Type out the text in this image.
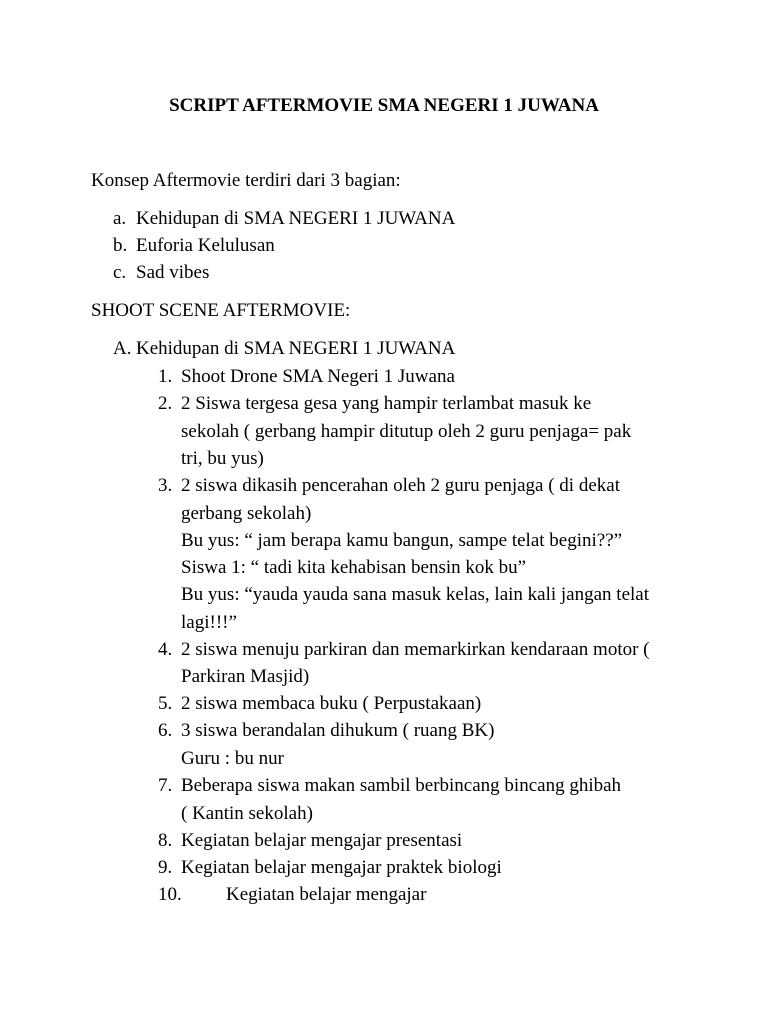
SCRIPT AFTERMOVIE SMA NEGERI 1 JUWANA
Konsep Aftermovie terdiri dari 3 bagian:
a. Kehidupan di SMA NEGERI 1 JUWANA
b. Euforia Kelulusan
c. Sad vibes
SHOOT SCENE AFTERMOVIE:
A. Kehidupan di SMA NEGERI 1 JUWANA
1. Shoot Drone SMA Negeri 1 Juwana
2. 2 Siswa tergesa gesa yang hampir terlambat masuk ke
sekolah ( gerbang hampir ditutup oleh 2 guru penjaga= pak
tri, bu yus)
3. 2 siswa dikasih pencerahan oleh 2 guru penjaga ( di dekat
gerbang sekolah)
Bu yus: “ jam berapa kamu bangun, sampe telat begini??”
Siswa 1: “ tadi kita kehabisan bensin kok bu”
Bu yus: “yauda yauda sana masuk kelas, lain kali jangan telat
lagi!!!”
4. 2 siswa menuju parkiran dan memarkirkan kendaraan motor (
Parkiran Masjid)
5. 2 siswa membaca buku ( Perpustakaan)
6. 3 siswa berandalan dihukum ( ruang BK)
Guru : bu nur
7. Beberapa siswa makan sambil berbincang bincang ghibah
( Kantin sekolah)
8. Kegiatan belajar mengajar presentasi
9. Kegiatan belajar mengajar praktek biologi
10. Kegiatan belajar mengajar
